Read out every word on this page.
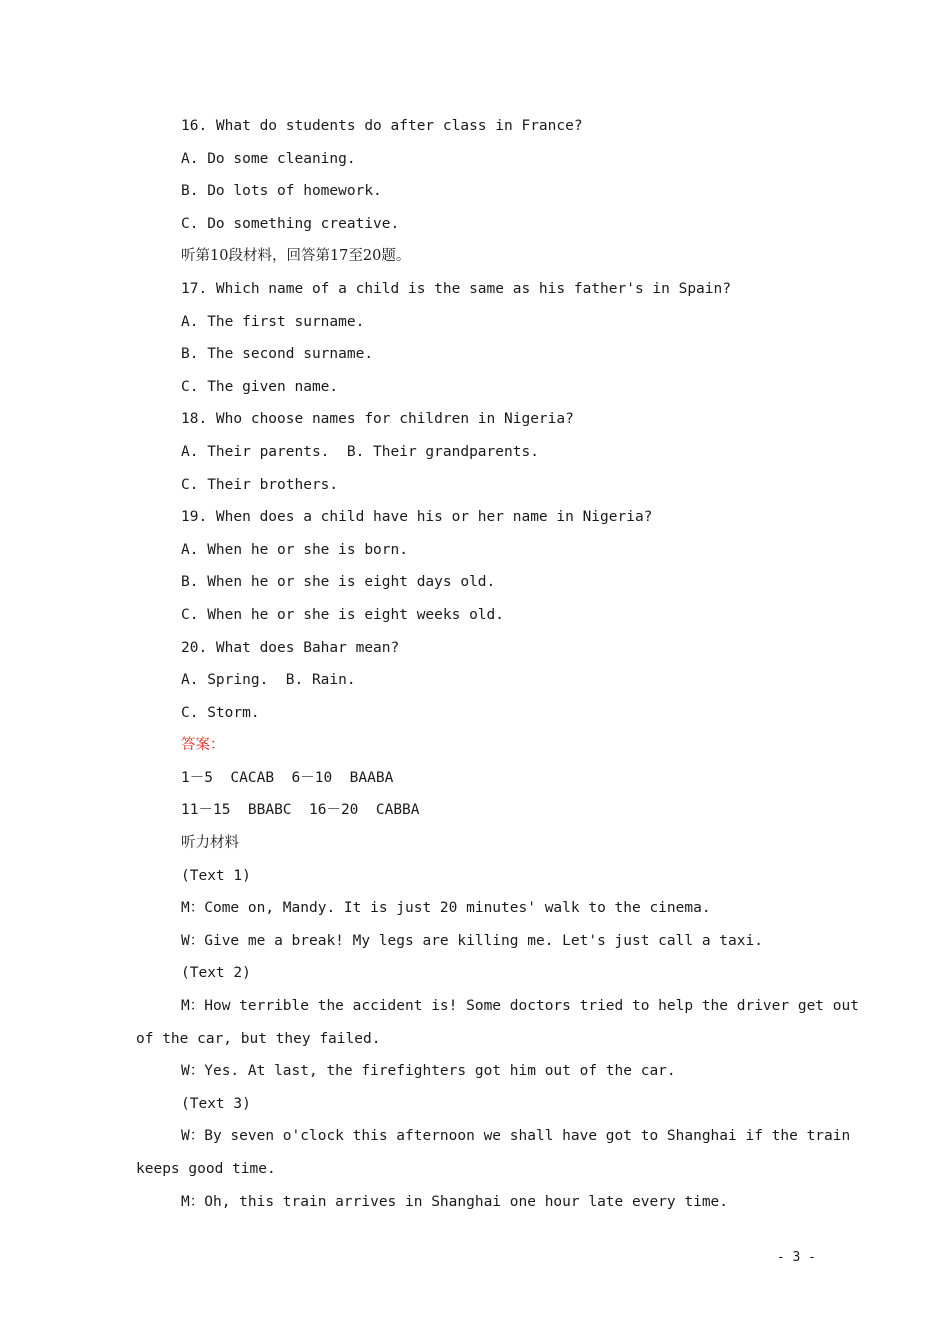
16. What do students do after class in France?
A. Do some cleaning.
B. Do lots of homework.
C. Do something creative.
听第10段材料，回答第17至20题。
17. Which name of a child is the same as his father's in Spain?
A. The first surname.
B. The second surname.
C. The given name.
18. Who choose names for children in Nigeria?
A. Their parents.  B. Their grandparents.
C. Their brothers.
19. When does a child have his or her name in Nigeria?
A. When he or she is born.
B. When he or she is eight days old.
C. When he or she is eight weeks old.
20. What does Bahar mean?
A. Spring.  B. Rain.
C. Storm.
答案：
1－5  CACAB  6－10  BAABA
11－15  BBABC  16－20  CABBA
听力材料
(Text 1)
M：Come on, Mandy. It is just 20 minutes' walk to the cinema.
W：Give me a break! My legs are killing me. Let's just call a taxi.
(Text 2)
M：How terrible the accident is! Some doctors tried to help the driver get out
of the car, but they failed.
W：Yes. At last, the firefighters got him out of the car.
(Text 3)
W：By seven o'clock this afternoon we shall have got to Shanghai if the train
keeps good time.
M：Oh, this train arrives in Shanghai one hour late every time.
- 3 -
